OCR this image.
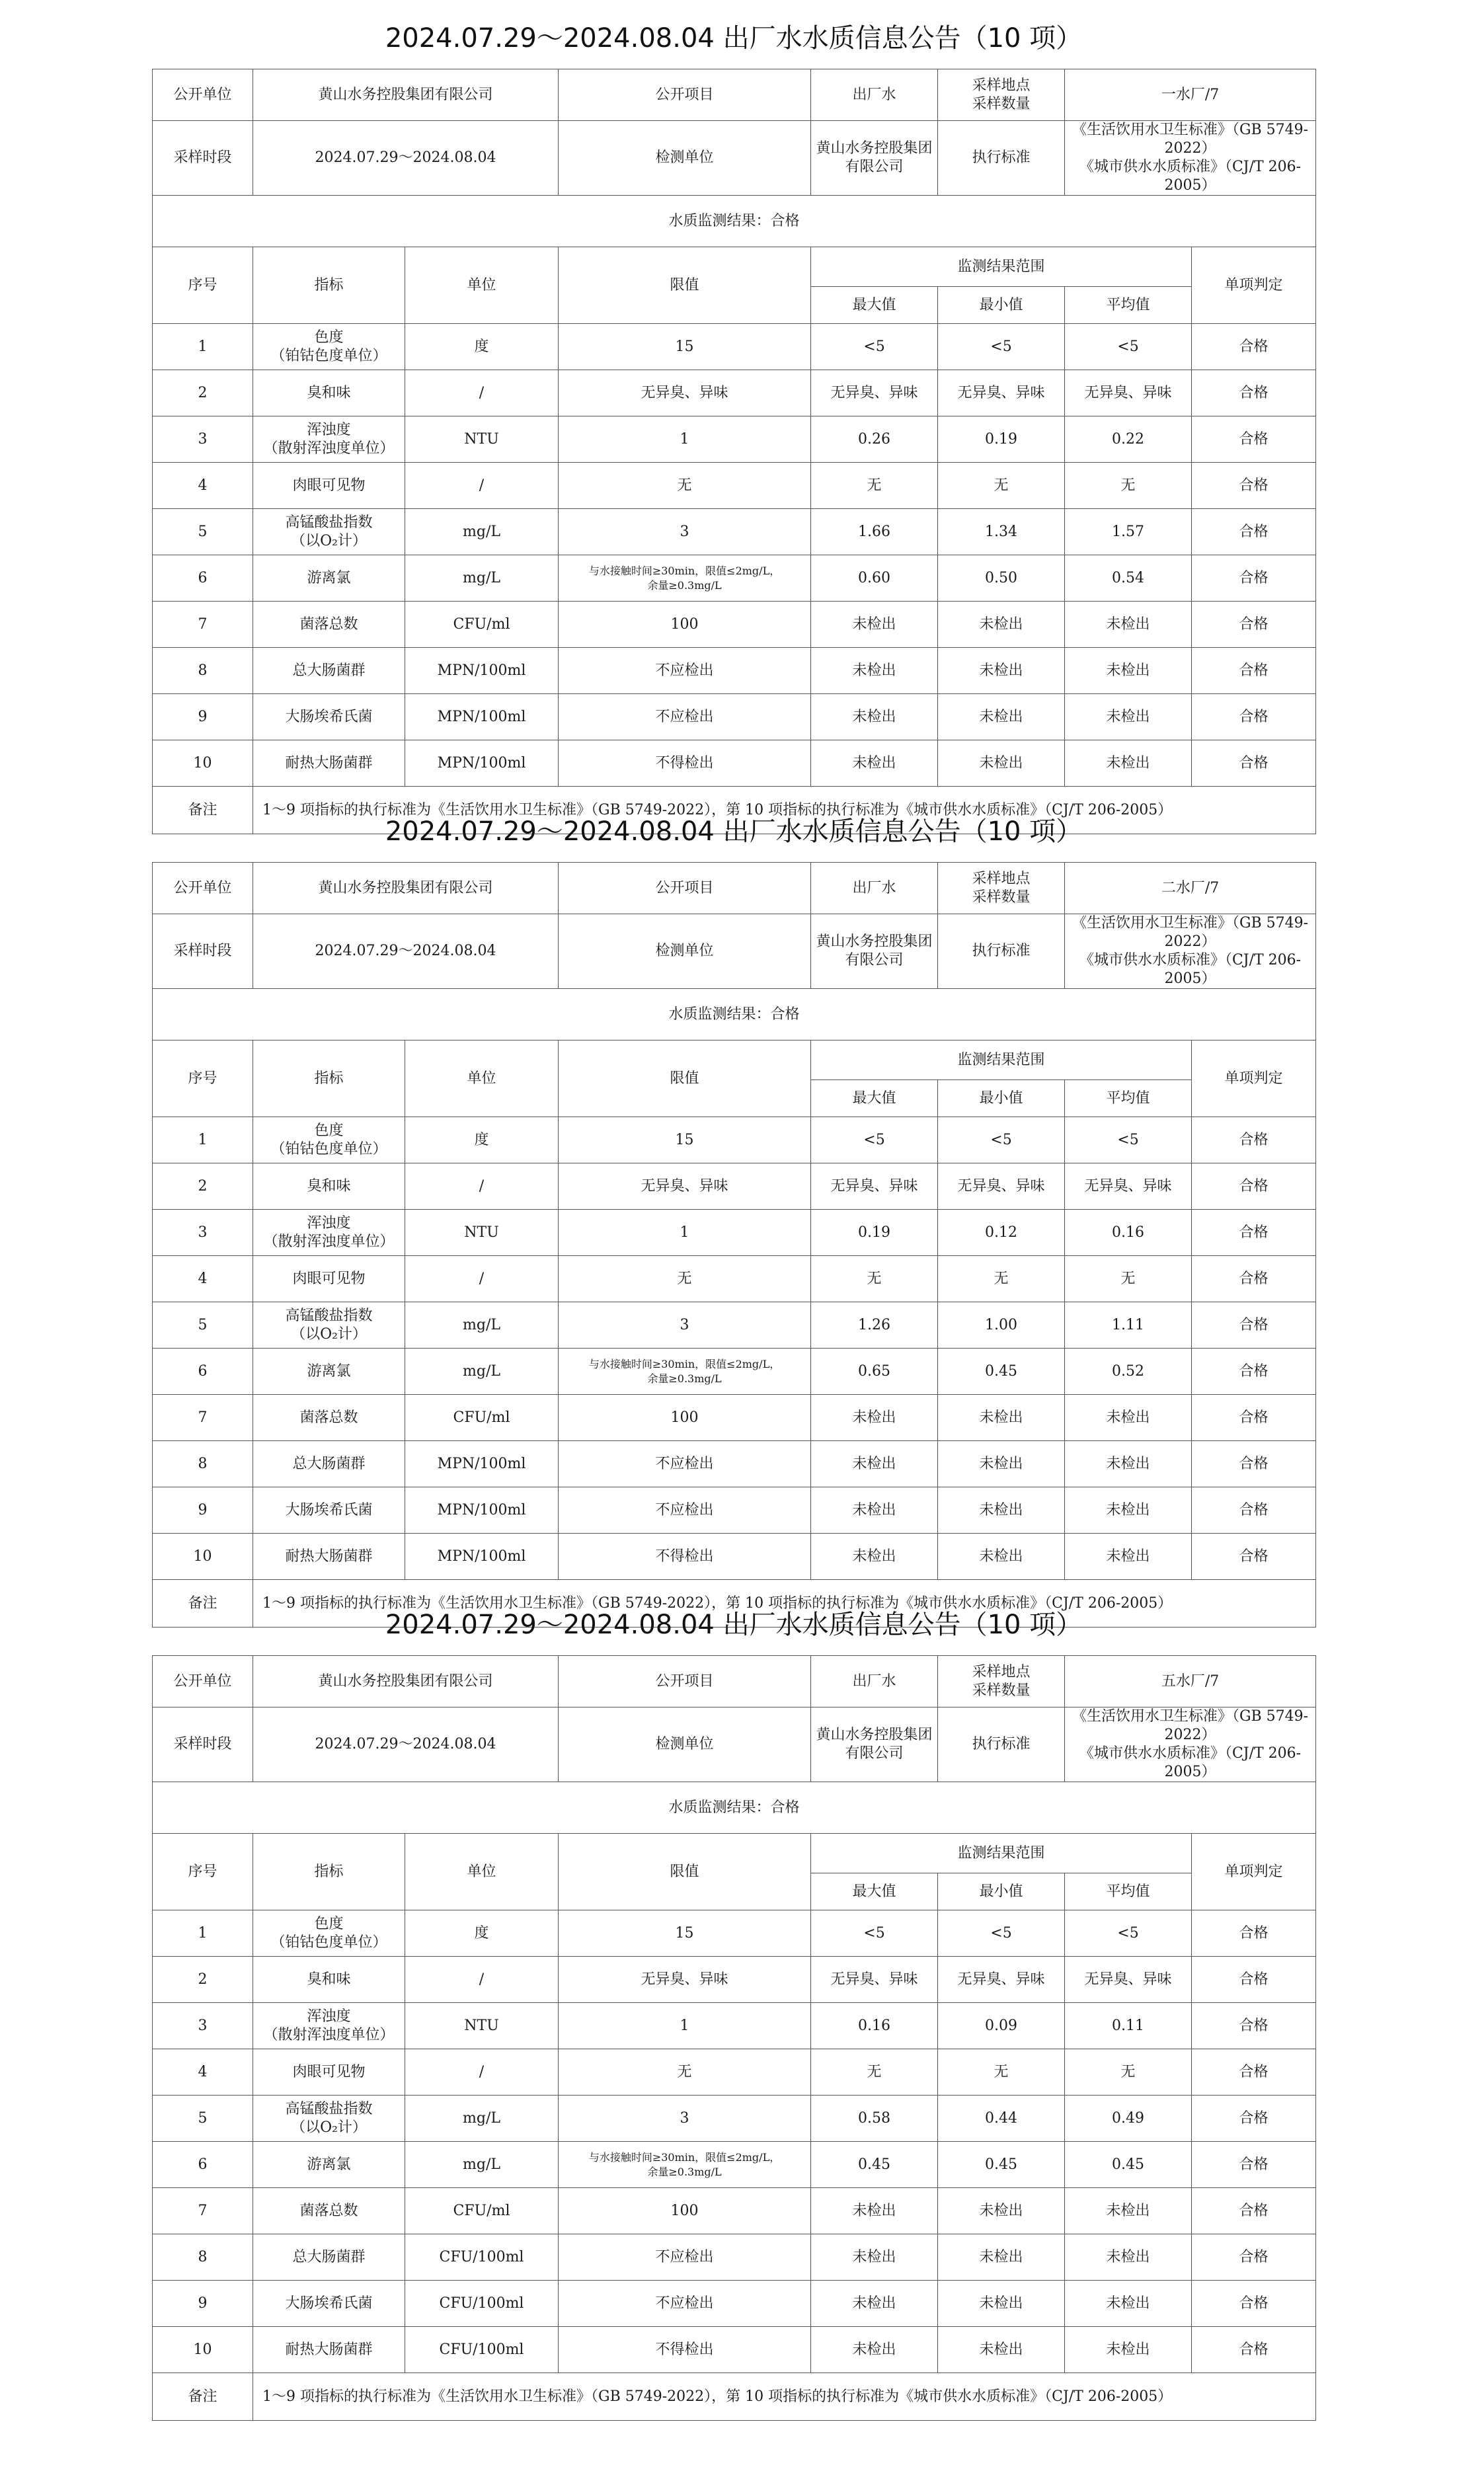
2024.07.29～2024.08.04 出厂水水质信息公告（10 项）
公开单位	黄山水务控股集团有限公司		公开项目	出厂水	采样地点
采样数量	一水厂/7	
采样时段	2024.07.29～2024.08.04		检测单位	黄山水务控股集团有限公司	执行标准	《生活饮用水卫生标准》（GB 5749-2022）
《城市供水水质标准》（CJ/T 206-2005）	

水质监测结果：合格							
序号	指标	单位	限值	监测结果范围			单项判定
				最大值	最小值	平均值	
1	色度
（铂钴色度单位）	度	15	<5	<5	<5	合格
2	臭和味	/	无异臭、异味	无异臭、异味	无异臭、异味	无异臭、异味	合格
3	浑浊度
（散射浑浊度单位）	NTU	1	0.26	0.19	0.22	合格
4	肉眼可见物	/	无	无	无	无	合格
5	高锰酸盐指数
（以O₂计）	mg/L	3	1.66	1.34	1.57	合格
6	游离氯	mg/L	与水接触时间≥30min，限值≤2mg/L，
余量≥0.3mg/L	0.60	0.50	0.54	合格
7	菌落总数	CFU/ml	100	未检出	未检出	未检出	合格
8	总大肠菌群	MPN/100ml	不应检出	未检出	未检出	未检出	合格
9	大肠埃希氏菌	MPN/100ml	不应检出	未检出	未检出	未检出	合格
10	耐热大肠菌群	MPN/100ml	不得检出	未检出	未检出	未检出	合格
备注	1～9 项指标的执行标准为《生活饮用水卫生标准》（GB 5749-2022），第 10 项指标的执行标准为《城市供水水质标准》（CJ/T 206-2005）						
2024.07.29～2024.08.04 出厂水水质信息公告（10 项）
公开单位	黄山水务控股集团有限公司		公开项目	出厂水	采样地点
采样数量	二水厂/7	
采样时段	2024.07.29～2024.08.04		检测单位	黄山水务控股集团有限公司	执行标准	《生活饮用水卫生标准》（GB 5749-2022）
《城市供水水质标准》（CJ/T 206-2005）	

水质监测结果：合格							
序号	指标	单位	限值	监测结果范围			单项判定
				最大值	最小值	平均值	
1	色度
（铂钴色度单位）	度	15	<5	<5	<5	合格
2	臭和味	/	无异臭、异味	无异臭、异味	无异臭、异味	无异臭、异味	合格
3	浑浊度
（散射浑浊度单位）	NTU	1	0.19	0.12	0.16	合格
4	肉眼可见物	/	无	无	无	无	合格
5	高锰酸盐指数
（以O₂计）	mg/L	3	1.26	1.00	1.11	合格
6	游离氯	mg/L	与水接触时间≥30min，限值≤2mg/L，
余量≥0.3mg/L	0.65	0.45	0.52	合格
7	菌落总数	CFU/ml	100	未检出	未检出	未检出	合格
8	总大肠菌群	MPN/100ml	不应检出	未检出	未检出	未检出	合格
9	大肠埃希氏菌	MPN/100ml	不应检出	未检出	未检出	未检出	合格
10	耐热大肠菌群	MPN/100ml	不得检出	未检出	未检出	未检出	合格
备注	1～9 项指标的执行标准为《生活饮用水卫生标准》（GB 5749-2022），第 10 项指标的执行标准为《城市供水水质标准》（CJ/T 206-2005）						
2024.07.29～2024.08.04 出厂水水质信息公告（10 项）
公开单位	黄山水务控股集团有限公司		公开项目	出厂水	采样地点
采样数量	五水厂/7	
采样时段	2024.07.29～2024.08.04		检测单位	黄山水务控股集团有限公司	执行标准	《生活饮用水卫生标准》（GB 5749-2022）
《城市供水水质标准》（CJ/T 206-2005）	

水质监测结果：合格							
序号	指标	单位	限值	监测结果范围			单项判定
				最大值	最小值	平均值	
1	色度
（铂钴色度单位）	度	15	<5	<5	<5	合格
2	臭和味	/	无异臭、异味	无异臭、异味	无异臭、异味	无异臭、异味	合格
3	浑浊度
（散射浑浊度单位）	NTU	1	0.16	0.09	0.11	合格
4	肉眼可见物	/	无	无	无	无	合格
5	高锰酸盐指数
（以O₂计）	mg/L	3	0.58	0.44	0.49	合格
6	游离氯	mg/L	与水接触时间≥30min，限值≤2mg/L，
余量≥0.3mg/L	0.45	0.45	0.45	合格
7	菌落总数	CFU/ml	100	未检出	未检出	未检出	合格
8	总大肠菌群	CFU/100ml	不应检出	未检出	未检出	未检出	合格
9	大肠埃希氏菌	CFU/100ml	不应检出	未检出	未检出	未检出	合格
10	耐热大肠菌群	CFU/100ml	不得检出	未检出	未检出	未检出	合格
备注	1～9 项指标的执行标准为《生活饮用水卫生标准》（GB 5749-2022），第 10 项指标的执行标准为《城市供水水质标准》（CJ/T 206-2005）						
